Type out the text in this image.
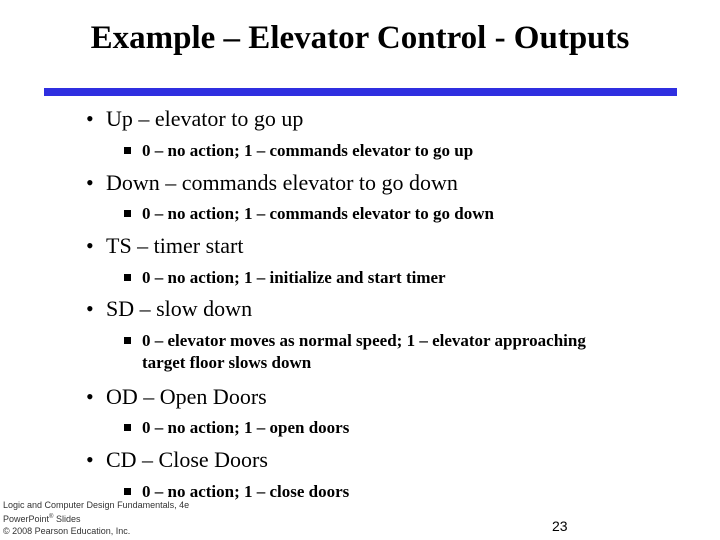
Example – Elevator Control - Outputs
• Up – elevator to go up
0 – no action; 1 – commands elevator to go up
• Down – commands elevator to go down
0 – no action; 1 – commands elevator to go down
• TS – timer start
0 – no action; 1 – initialize and start timer
• SD – slow down
0 – elevator moves as normal speed; 1 – elevator approaching
target floor slows down
• OD – Open Doors
0 – no action; 1 – open doors
• CD – Close Doors
0 – no action; 1 – close doors
Logic and Computer Design Fundamentals, 4e
PowerPoint® Slides
© 2008 Pearson Education, Inc.	23
